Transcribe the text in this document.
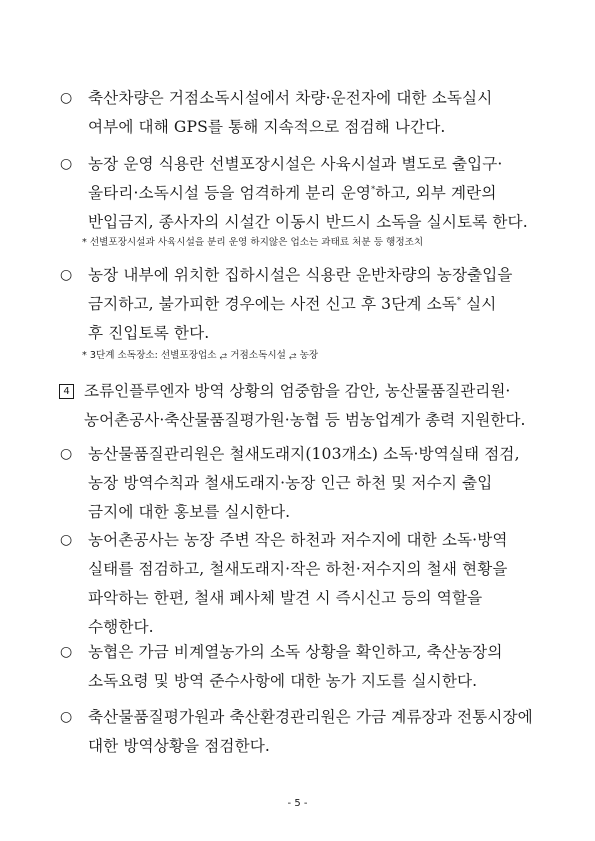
○ 축산차량은 거점소독시설에서 차량·운전자에 대한 소독실시
여부에 대해 GPS를 통해 지속적으로 점검해 나간다.
○ 농장 운영 식용란 선별포장시설은 사육시설과 별도로 출입구·
울타리·소독시설 등을 엄격하게 분리 운영*하고, 외부 계란의
반입금지, 종사자의 시설간 이동시 반드시 소독을 실시토록 한다.
* 선별포장시설과 사육시설을 분리 운영 하지않은 업소는 과태료 처분 등 행정조치
○ 농장 내부에 위치한 집하시설은 식용란 운반차량의 농장출입을
금지하고, 불가피한 경우에는 사전 신고 후 3단계 소독* 실시
후 진입토록 한다.
* 3단계 소독장소: 선별포장업소 ⥄ 거점소독시설 ⥄ 농장
4 조류인플루엔자 방역 상황의 엄중함을 감안, 농산물품질관리원·
농어촌공사·축산물품질평가원·농협 등 범농업계가 총력 지원한다.
○ 농산물품질관리원은 철새도래지(103개소) 소독·방역실태 점검,
농장 방역수칙과 철새도래지·농장 인근 하천 및 저수지 출입
금지에 대한 홍보를 실시한다.
○ 농어촌공사는 농장 주변 작은 하천과 저수지에 대한 소독·방역
실태를 점검하고, 철새도래지·작은 하천·저수지의 철새 현황을
파악하는 한편, 철새 폐사체 발견 시 즉시신고 등의 역할을
수행한다.
○ 농협은 가금 비계열농가의 소독 상황을 확인하고, 축산농장의
소독요령 및 방역 준수사항에 대한 농가 지도를 실시한다.
○ 축산물품질평가원과 축산환경관리원은 가금 계류장과 전통시장에
대한 방역상황을 점검한다.
- 5 -
